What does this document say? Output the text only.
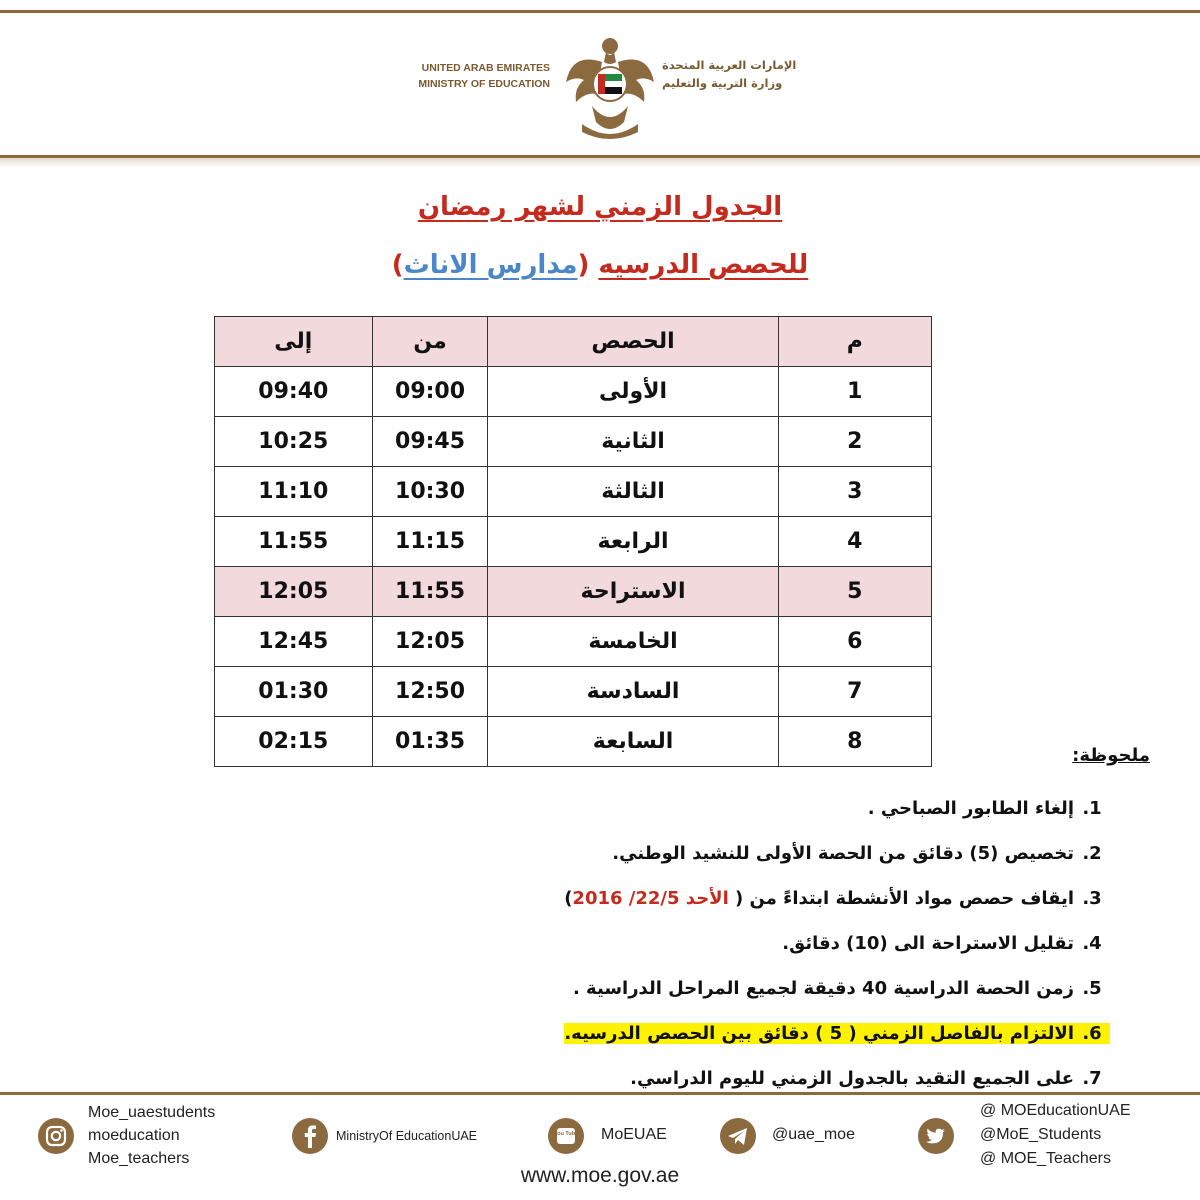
UNITED ARAB EMIRATES
MINISTRY OF EDUCATION
الإمارات العربية المتحدة
وزارة التربية والتعليم
الجدول الزمني لشهر رمضان
للحصص الدرسيه (مدارس الاناث)
م	الحصص	من	إلى
1	الأولى	09:00	09:40
2	الثانية	09:45	10:25
3	الثالثة	10:30	11:10
4	الرابعة	11:15	11:55
5	الاستراحة	11:55	12:05
6	الخامسة	12:05	12:45
7	السادسة	12:50	01:30
8	السابعة	01:35	02:15
ملحوظة:
1.
إلغاء الطابور الصباحي .
2.
تخصيص (5) دقائق من الحصة الأولى للنشيد الوطني.
3.
ايقاف حصص مواد الأنشطة ابتداءً من ( الأحد 22/5/ 2016)
4.
تقليل الاستراحة الى (10) دقائق.
5.
زمن الحصة الدراسية 40 دقيقة لجميع المراحل الدراسية .
6.
الالتزام بالفاصل الزمني ( 5 ) دقائق بين الحصص الدرسيه.
7.
على الجميع التقيد بالجدول الزمني لليوم الدراسي.
Moe_uaestudents
moeducation
Moe_teachers
MinistryOf EducationUAE	You Tube MoEUAE	@uae_moe
@ MOEducationUAE
@MoE_Students
@ MOE_Teachers
www.moe.gov.ae
